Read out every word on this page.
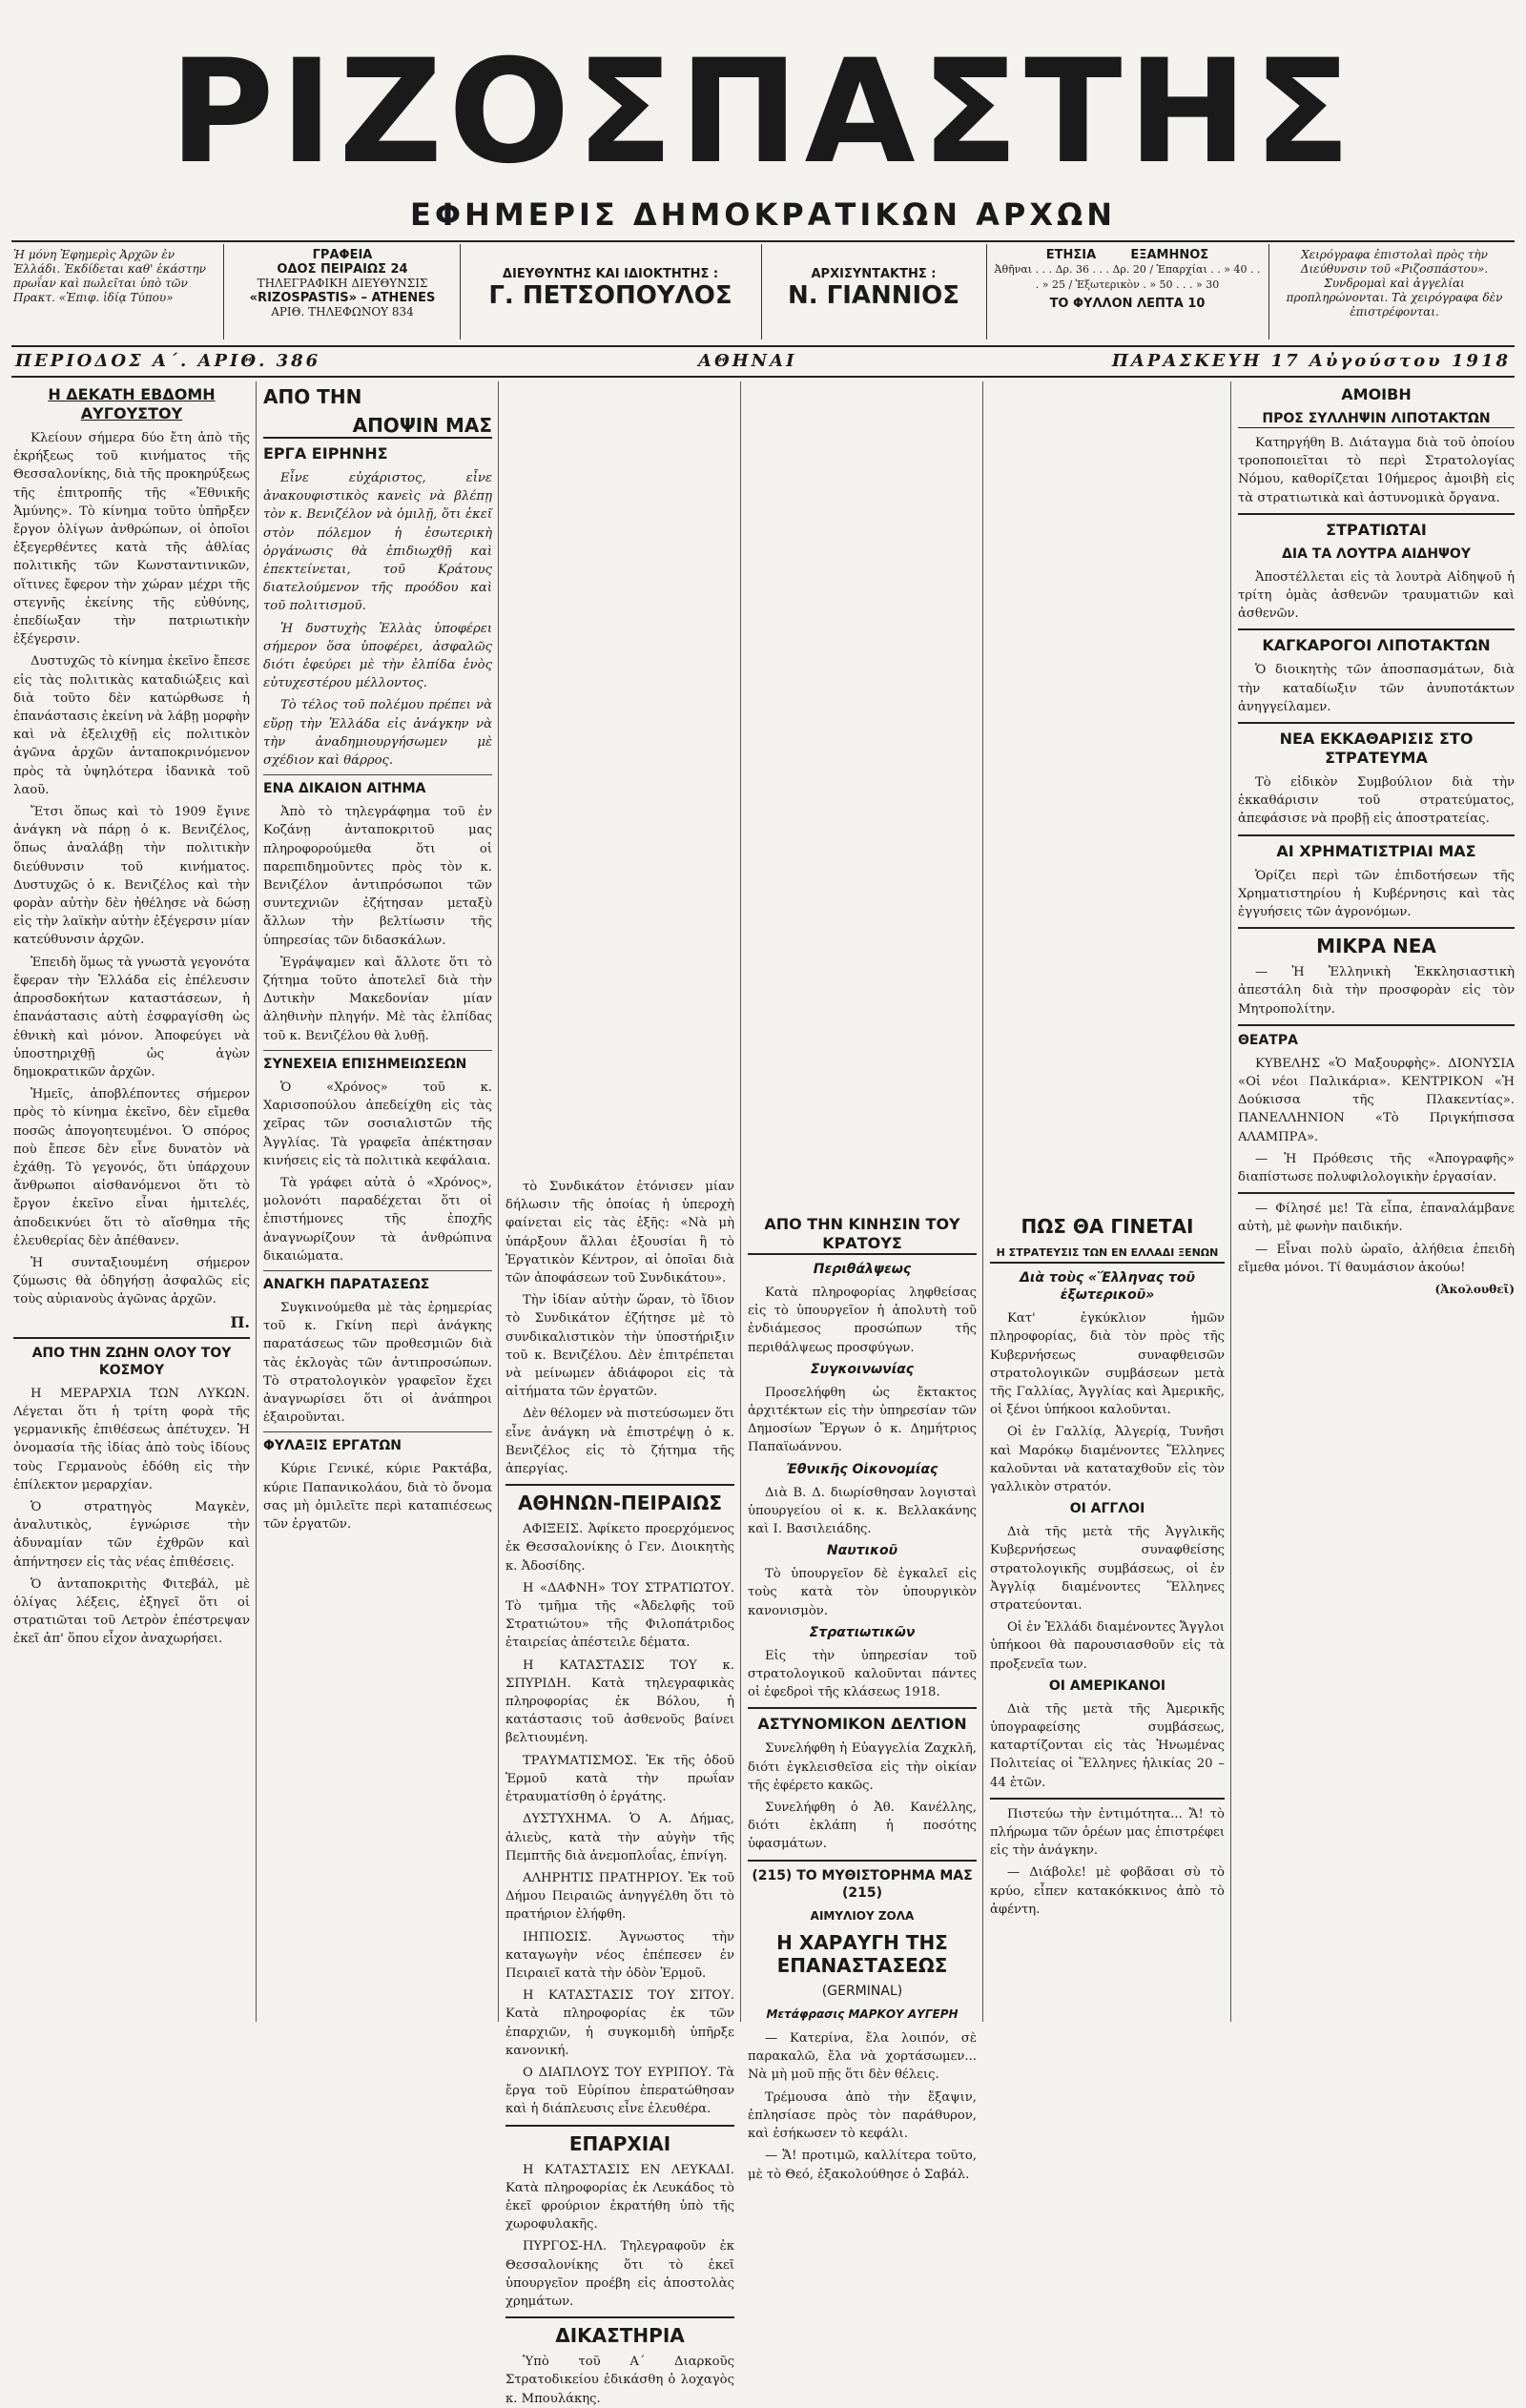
ΡΙΖΟΣΠΑΣΤΗΣ
ΕΦΗΜΕΡΙΣ ΔΗΜΟΚΡΑΤΙΚΩΝ ΑΡΧΩΝ
Ἡ μόνη Ἐφημερὶς Ἀρχῶν ἐν Ἑλλάδι. Ἐκδίδεται καθ' ἑκάστην πρωΐαν καὶ πωλεῖται ὑπὸ τῶν Πρακτ. «Ἐπιφ. ἰδίᾳ Τύπου»
ΓΡΑΦΕΙΑ
ΟΔΟΣ ΠΕΙΡΑΙΩΣ 24
ΤΗΛΕΓΡΑΦΙΚΗ ΔΙΕΥΘΥΝΣΙΣ
«RIZOSPASTIS» – ATHENES
ΑΡΙΘ. ΤΗΛΕΦΩΝΟΥ 834
ΔΙΕΥΘΥΝΤΗΣ ΚΑΙ ΙΔΙΟΚΤΗΤΗΣ :
Γ. ΠΕΤΣΟΠΟΥΛΟΣ
ΑΡΧΙΣΥΝΤΑΚΤΗΣ :
Ν. ΓΙΑΝΝΙΟΣ
ΕΤΗΣΙΑ	ΕΞΑΜΗΝΟΣ
Ἀθῆναι . . . Δρ. 36 . . . Δρ. 20 / Ἐπαρχίαι . . » 40 . . . » 25 / Ἐξωτερικὸν . » 50 . . . » 30
ΤΟ ΦΥΛΛΟΝ ΛΕΠΤΑ 10
Χειρόγραφα ἐπιστολαὶ πρὸς τὴν Διεύθυνσιν τοῦ «Ριζοσπάστου». Συνδρομαὶ καὶ ἀγγελίαι προπληρώνονται. Τὰ χειρόγραφα δὲν ἐπιστρέφονται.
ΠΕΡΙΟΔΟΣ Α΄. ΑΡΙΘ. 386	ΑΘΗΝΑΙ	ΠΑΡΑΣΚΕΥΗ 17 Αὐγούστου 1918
Η ΔΕΚΑΤΗ ΕΒΔΟΜΗ ΑΥΓΟΥΣΤΟΥ

Κλείουν σήμερα δύο ἔτη ἀπὸ τῆς ἐκρήξεως τοῦ κινήματος τῆς Θεσσαλονίκης, διὰ τῆς προκηρύξεως τῆς ἐπιτροπῆς τῆς «Ἐθνικῆς Ἀμύνης». Τὸ κίνημα τοῦτο ὑπῆρξεν ἔργον ὀλίγων ἀνθρώπων, οἱ ὁποῖοι ἐξεγερθέντες κατὰ τῆς ἀθλίας πολιτικῆς τῶν Κωνσταντινικῶν, οἵτινες ἔφερον τὴν χώραν μέχρι τῆς στεγνῆς ἐκείνης τῆς εὐθύνης, ἐπεδίωξαν τὴν πατριωτικὴν ἐξέγερσιν.

Δυστυχῶς τὸ κίνημα ἐκεῖνο ἔπεσε εἰς τὰς πολιτικὰς καταδιώξεις καὶ διὰ τοῦτο δὲν κατώρθωσε ἡ ἐπανάστασις ἐκείνη νὰ λάβῃ μορφὴν καὶ νὰ ἐξελιχθῇ εἰς πολιτικὸν ἀγῶνα ἀρχῶν ἀνταποκρινόμενον πρὸς τὰ ὑψηλότερα ἰδανικὰ τοῦ λαοῦ.

Ἔτσι ὅπως καὶ τὸ 1909 ἔγινε ἀνάγκη νὰ πάρῃ ὁ κ. Βενιζέλος, ὅπως ἀναλάβῃ τὴν πολιτικὴν διεύθυνσιν τοῦ κινήματος. Δυστυχῶς ὁ κ. Βενιζέλος καὶ τὴν φορὰν αὐτὴν δὲν ἠθέλησε νὰ δώσῃ εἰς τὴν λαϊκὴν αὐτὴν ἐξέγερσιν μίαν κατεύθυνσιν ἀρχῶν.

Ἐπειδὴ ὅμως τὰ γνωστὰ γεγονότα ἔφεραν τὴν Ἑλλάδα εἰς ἐπέλευσιν ἀπροσδοκήτων καταστάσεων, ἡ ἐπανάστασις αὐτὴ ἐσφραγίσθη ὡς ἐθνικὴ καὶ μόνον. Ἀποφεύγει νὰ ὑποστηριχθῇ ὡς ἀγὼν δημοκρατικῶν ἀρχῶν.

Ἡμεῖς, ἀποβλέποντες σήμερον πρὸς τὸ κίνημα ἐκεῖνο, δὲν εἴμεθα ποσῶς ἀπογοητευμένοι. Ὁ σπόρος ποὺ ἔπεσε δὲν εἶνε δυνατὸν νὰ ἐχάθῃ. Τὸ γεγονός, ὅτι ὑπάρχουν ἄνθρωποι αἰσθανόμενοι ὅτι τὸ ἔργον ἐκεῖνο εἶναι ἡμιτελές, ἀποδεικνύει ὅτι τὸ αἴσθημα τῆς ἐλευθερίας δὲν ἀπέθανεν.

Ἡ συνταξιουμένη σήμερον ζύμωσις θὰ ὁδηγήσῃ ἀσφαλῶς εἰς τοὺς αὐριανοὺς ἀγῶνας ἀρχῶν.

Π.
ΑΠΟ ΤΗΝ ΖΩΗΝ ΟΛΟΥ ΤΟΥ ΚΟΣΜΟΥ

Η ΜΕΡΑΡΧΙΑ ΤΩΝ ΛΥΚΩΝ. Λέγεται ὅτι ἡ τρίτη φορὰ τῆς γερμανικῆς ἐπιθέσεως ἀπέτυχεν. Ἡ ὀνομασία τῆς ἰδίας ἀπὸ τοὺς ἰδίους τοὺς Γερμανοὺς ἐδόθη εἰς τὴν ἐπίλεκτον μεραρχίαν.

Ὁ στρατηγὸς Μαγκὲν, ἀναλυτικὸς, ἐγνώρισε τὴν ἀδυναμίαν τῶν ἐχθρῶν καὶ ἀπήντησεν εἰς τὰς νέας ἐπιθέσεις.

Ὁ ἀνταποκριτὴς Φιτεβάλ, μὲ ὀλίγας λέξεις, ἐξηγεῖ ὅτι οἱ στρατιῶται τοῦ Λετρὸν ἐπέστρεψαν ἐκεῖ ἀπ' ὅπου εἶχον ἀναχωρήσει.

ΑΠΟ ΤΗΝ
ΑΠΟΨΙΝ ΜΑΣ
ΕΡΓΑ ΕΙΡΗΝΗΣ

Εἶνε εὐχάριστος, εἶνε ἀνακουφιστικὸς κανεὶς νὰ βλέπῃ τὸν κ. Βενιζέλον νὰ ὁμιλῇ, ὅτι ἐκεῖ στὸν πόλεμον ἡ ἐσωτερικὴ ὀργάνωσις θὰ ἐπιδιωχθῇ καὶ ἐπεκτείνεται, τοῦ Κράτους διατελούμενον τῆς προόδου καὶ τοῦ πολιτισμοῦ.

Ἡ δυστυχὴς Ἑλλὰς ὑποφέρει σήμερον ὅσα ὑποφέρει, ἀσφαλῶς διότι ἐφεύρει μὲ τὴν ἐλπίδα ἑνὸς εὐτυχεστέρου μέλλοντος.

Τὸ τέλος τοῦ πολέμου πρέπει νὰ εὕρῃ τὴν Ἑλλάδα εἰς ἀνάγκην νὰ τὴν ἀναδημιουργήσωμεν μὲ σχέδιον καὶ θάρρος.

ΕΝΑ ΔΙΚΑΙΟΝ ΑΙΤΗΜΑ

Ἀπὸ τὸ τηλεγράφημα τοῦ ἐν Κοζάνῃ ἀνταποκριτοῦ μας πληροφορούμεθα ὅτι οἱ παρεπιδημοῦντες πρὸς τὸν κ. Βενιζέλον ἀντιπρόσωποι τῶν συντεχνιῶν ἐζήτησαν μεταξὺ ἄλλων τὴν βελτίωσιν τῆς ὑπηρεσίας τῶν διδασκάλων.

Ἐγράψαμεν καὶ ἄλλοτε ὅτι τὸ ζήτημα τοῦτο ἀποτελεῖ διὰ τὴν Δυτικὴν Μακεδονίαν μίαν ἀληθινὴν πληγήν. Μὲ τὰς ἐλπίδας τοῦ κ. Βενιζέλου θὰ λυθῇ.

ΣΥΝΕΧΕΙΑ ΕΠΙΣΗΜΕΙΩΣΕΩΝ

Ὁ «Χρόνος» τοῦ κ. Χαρισοπούλου ἀπεδείχθη εἰς τὰς χεῖρας τῶν σοσιαλιστῶν τῆς Ἀγγλίας. Τὰ γραφεῖα ἀπέκτησαν κινήσεις εἰς τὰ πολιτικὰ κεφάλαια.

Τὰ γράφει αὐτὰ ὁ «Χρόνος», μολονότι παραδέχεται ὅτι οἱ ἐπιστήμονες τῆς ἐποχῆς ἀναγνωρίζουν τὰ ἀνθρώπινα δικαιώματα.

ΑΝΑΓΚΗ ΠΑΡΑΤΑΣΕΩΣ

Συγκινούμεθα μὲ τὰς ἐρημερίας τοῦ κ. Γκίνη περὶ ἀνάγκης παρατάσεως τῶν προθεσμιῶν διὰ τὰς ἐκλογὰς τῶν ἀντιπροσώπων. Τὸ στρατολογικὸν γραφεῖον ἔχει ἀναγνωρίσει ὅτι οἱ ἀνάπηροι ἐξαιροῦνται.

ΦΥΛΑΞΙΣ ΕΡΓΑΤΩΝ

Κύριε Γενικέ, κύριε Ρακτάβα, κύριε Παπανικολάου, διὰ τὸ ὄνομα σας μὴ ὀμιλεῖτε περὶ καταπιέσεως τῶν ἐργατῶν.

τὸ Συνδικάτον ἐτόνισεν μίαν δήλωσιν τῆς ὁποίας ἡ ὑπεροχὴ φαίνεται εἰς τὰς ἑξῆς: «Νὰ μὴ ὑπάρξουν ἄλλαι ἐξουσίαι ἢ τὸ Ἐργατικὸν Κέντρον, αἱ ὁποῖαι διὰ τῶν ἀποφάσεων τοῦ Συνδικάτου».

Τὴν ἰδίαν αὐτὴν ὥραν, τὸ ἴδιον τὸ Συνδικάτον ἐζήτησε μὲ τὸ συνδικαλιστικὸν τὴν ὑποστήριξιν τοῦ κ. Βενιζέλου. Δὲν ἐπιτρέπεται νὰ μείνωμεν ἀδιάφοροι εἰς τὰ αἰτήματα τῶν ἐργατῶν.

Δὲν θέλομεν νὰ πιστεύσωμεν ὅτι εἶνε ἀνάγκη νὰ ἐπιστρέψῃ ὁ κ. Βενιζέλος εἰς τὸ ζήτημα τῆς ἀπεργίας.

ΑΘΗΝΩΝ-ΠΕΙΡΑΙΩΣ

ΑΦΙΞΕΙΣ. Ἀφίκετο προερχόμενος ἐκ Θεσσαλονίκης ὁ Γεν. Διοικητὴς κ. Ἀδοσίδης.

Η «ΔΑΦΝΗ» ΤΟΥ ΣΤΡΑΤΙΩΤΟΥ. Τὸ τμῆμα τῆς «Ἀδελφῆς τοῦ Στρατιώτου» τῆς Φιλοπάτριδος ἐταιρείας ἀπέστειλε δέματα.

Η ΚΑΤΑΣΤΑΣΙΣ ΤΟΥ κ. ΣΠΥΡΙΔΗ. Κατὰ τηλεγραφικὰς πληροφορίας ἐκ Βόλου, ἡ κατάστασις τοῦ ἀσθενοῦς βαίνει βελτιουμένη.

ΤΡΑΥΜΑΤΙΣΜΟΣ. Ἐκ τῆς ὁδοῦ Ἑρμοῦ κατὰ τὴν πρωΐαν ἐτραυματίσθη ὁ ἐργάτης.

ΔΥΣΤΥΧΗΜΑ. Ὁ Α. Δήμας, ἀλιεὺς, κατὰ τὴν αὐγὴν τῆς Πεμπτῆς διὰ ἀνεμοπλοΐας, ἐπνίγη.

ΑΛΗΡΗΤΙΣ ΠΡΑΤΗΡΙΟΥ. Ἐκ τοῦ Δήμου Πειραιῶς ἀνηγγέλθη ὅτι τὸ πρατήριον ἐλήφθη.

ΙΗΠΙΟΣΙΣ. Ἀγνωστος τὴν καταγωγὴν νέος ἐπέπεσεν ἐν Πειραιεῖ κατὰ τὴν ὁδὸν Ἐρμοῦ.

Η ΚΑΤΑΣΤΑΣΙΣ ΤΟΥ ΣΙΤΟΥ. Κατὰ πληροφορίας ἐκ τῶν ἐπαρχιῶν, ἡ συγκομιδὴ ὑπῆρξε κανονική.

Ο ΔΙΑΠΛΟΥΣ ΤΟΥ ΕΥΡΙΠΟΥ. Τὰ ἔργα τοῦ Εὐρίπου ἐπερατώθησαν καὶ ἡ διάπλευσις εἶνε ἐλευθέρα.

ΕΠΑΡΧΙΑΙ

Η ΚΑΤΑΣΤΑΣΙΣ ΕΝ ΛΕΥΚΑΔΙ. Κατὰ πληροφορίας ἐκ Λευκάδος τὸ ἐκεῖ φρούριον ἐκρατήθη ὑπὸ τῆς χωροφυλακῆς.

ΠΥΡΓΟΣ-ΗΛ. Τηλεγραφοῦν ἐκ Θεσσαλονίκης ὅτι τὸ ἐκεῖ ὑπουργεῖον προέβη εἰς ἀποστολὰς χρημάτων.

ΔΙΚΑΣΤΗΡΙΑ

Ὑπὸ τοῦ Α΄ Διαρκοῦς Στρατοδικείου ἐδικάσθη ὁ λοχαγὸς κ. Μπουλάκης.

ΑΠΟ ΤΗΝ ΚΙΝΗΣΙΝ ΤΟΥ ΚΡΑΤΟΥΣ
Περιθάλψεως

Κατὰ πληροφορίας ληφθείσας εἰς τὸ ὑπουργεῖον ἡ ἀπολυτὴ τοῦ ἐνδιάμεσος προσώπων τῆς περιθάλψεως προσφύγων.

Συγκοινωνίας

Προσελήφθη ὡς ἔκτακτος ἀρχιτέκτων εἰς τὴν ὑπηρεσίαν τῶν Δημοσίων Ἔργων ὁ κ. Δημήτριος Παπαϊωάννου.

Ἐθνικῆς Οἰκονομίας

Διὰ Β. Δ. διωρίσθησαν λογισταὶ ὑπουργείου οἱ κ. κ. Βελλακάνης καὶ Ι. Βασιλειάδης.

Ναυτικοῦ

Τὸ ὑπουργεῖον δὲ ἐγκαλεῖ εἰς τοὺς κατὰ τὸν ὑπουργικὸν κανονισμὸν.

Στρατιωτικῶν

Εἰς τὴν ὑπηρεσίαν τοῦ στρατολογικοῦ καλοῦνται πάντες οἱ ἐφεδροὶ τῆς κλάσεως 1918.

ΑΣΤΥΝΟΜΙΚΟΝ ΔΕΛΤΙΟΝ

Συνελήφθη ἡ Εὐαγγελία Ζαχκλῆ, διότι ἐγκλεισθεῖσα εἰς τὴν οἰκίαν τῆς ἐφέρετο κακῶς.

Συνελήφθη ὁ Ἀθ. Κανέλλης, διότι ἐκλάπη ἡ ποσότης ὑφασμάτων.

(215) ΤΟ ΜΥΘΙΣΤΟΡΗΜΑ ΜΑΣ (215)
ΑΙΜΥΛΙΟΥ ΖΟΛΑ
Η ΧΑΡΑΥΓΗ ΤΗΣ ΕΠΑΝΑΣΤΑΣΕΩΣ
(GERMINAL)
Μετάφρασις ΜΑΡΚΟΥ ΑΥΓΕΡΗ

— Κατερίνα, ἔλα λοιπόν, σὲ παρακαλῶ, ἔλα νὰ χορτάσωμεν... Νὰ μὴ μοῦ πῇς ὅτι δὲν θέλεις.

Τρέμουσα ἀπὸ τὴν ἔξαψιν, ἐπλησίασε πρὸς τὸν παράθυρον, καὶ ἐσήκωσεν τὸ κεφάλι.

— Ἄ! προτιμῶ, καλλίτερα τοῦτο, μὲ τὸ Θεό, ἐξακολούθησε ὁ Σαβάλ.

ΠΩΣ ΘΑ ΓΙΝΕΤΑΙ
Η ΣΤΡΑΤΕΥΣΙΣ ΤΩΝ ΕΝ ΕΛΛΑΔΙ ΞΕΝΩΝ
Διὰ τοὺς «Ἕλληνας τοῦ ἐξωτερικοῦ»

Κατ' ἐγκύκλιον ἡμῶν πληροφορίας, διὰ τὸν πρὸς τῆς Κυβερνήσεως συναφθεισῶν στρατολογικῶν συμβάσεων μετὰ τῆς Γαλλίας, Ἀγγλίας καὶ Ἀμερικῆς, οἱ ξένοι ὑπήκοοι καλοῦνται.

Οἱ ἐν Γαλλίᾳ, Ἀλγερίᾳ, Τυνῆσι καὶ Μαρόκῳ διαμένοντες Ἕλληνες καλοῦνται νὰ καταταχθοῦν εἰς τὸν γαλλικὸν στρατόν.

ΟΙ ΑΓΓΛΟΙ

Διὰ τῆς μετὰ τῆς Ἀγγλικῆς Κυβερνήσεως συναφθείσης στρατολογικῆς συμβάσεως, οἱ ἐν Ἀγγλίᾳ διαμένοντες Ἕλληνες στρατεύονται.

Οἱ ἐν Ἑλλάδι διαμένοντες Ἄγγλοι ὑπήκοοι θὰ παρουσιασθοῦν εἰς τὰ προξενεῖα των.

ΟΙ ΑΜΕΡΙΚΑΝΟΙ

Διὰ τῆς μετὰ τῆς Ἀμερικῆς ὑπογραφείσης συμβάσεως, καταρτίζονται εἰς τὰς Ἡνωμένας Πολιτείας οἱ Ἕλληνες ἡλικίας 20 – 44 ἐτῶν.

Πιστεύω τὴν ἐντιμότητα... Ἄ! τὸ πλήρωμα τῶν ὀρέων μας ἐπιστρέφει εἰς τὴν ἀνάγκην.

— Διάβολε! μὲ φοβᾶσαι σὺ τὸ κρύο, εἶπεν κατακόκκινος ἀπὸ τὸ ἀφέντη.

ΑΜΟΙΒΗ
ΠΡΟΣ ΣΥΛΛΗΨΙΝ ΛΙΠΟΤΑΚΤΩΝ

Κατηργήθη Β. Διάταγμα διὰ τοῦ ὁποίου τροποποιεῖται τὸ περὶ Στρατολογίας Νόμου, καθορίζεται 10ήμερος ἀμοιβὴ εἰς τὰ στρατιωτικὰ καὶ ἀστυνομικὰ ὄργανα.

ΣΤΡΑΤΙΩΤΑΙ
ΔΙΑ ΤΑ ΛΟΥΤΡΑ ΑΙΔΗΨΟΥ

Ἀποστέλλεται εἰς τὰ λουτρὰ Αἰδηψοῦ ἡ τρίτη ὁμὰς ἀσθενῶν τραυματιῶν καὶ ἀσθενῶν.

ΚΑΓΚΑΡΟΓΟΙ ΛΙΠΟΤΑΚΤΩΝ

Ὁ διοικητὴς τῶν ἀποσπασμάτων, διὰ τὴν καταδίωξιν τῶν ἀνυποτάκτων ἀνηγγείλαμεν.

ΝΕΑ ΕΚΚΑΘΑΡΙΣΙΣ ΣΤΟ ΣΤΡΑΤΕΥΜΑ

Τὸ εἰδικὸν Συμβούλιον διὰ τὴν ἐκκαθάρισιν τοῦ στρατεύματος, ἀπεφάσισε νὰ προβῇ εἰς ἀποστρατείας.

ΑΙ ΧΡΗΜΑΤΙΣΤΡΙΑΙ ΜΑΣ

Ὁρίζει περὶ τῶν ἐπιδοτήσεων τῆς Χρηματιστηρίου ἡ Κυβέρνησις καὶ τὰς ἐγγυήσεις τῶν ἀγρονόμων.

ΜΙΚΡΑ ΝΕΑ

— Ἡ Ἑλληνικὴ Ἐκκλησιαστικὴ ἀπεστάλη διὰ τὴν προσφορὰν εἰς τὸν Μητροπολίτην.

ΘΕΑΤΡΑ

ΚΥΒΕΛΗΣ «Ὁ Μαξουρφὴς». ΔΙΟΝΥΣΙΑ «Οἱ νέοι Παλικάρια». ΚΕΝΤΡΙΚΟΝ «Ἡ Δούκισσα τῆς Πλακεντίας». ΠΑΝΕΛΛΗΝΙΟΝ «Τὸ Πριγκήπισσα ΑΛΑΜΠΡΑ».

— Ἡ Πρόθεσις τῆς «Ἀπογραφῆς» διαπίστωσε πολυφιλολογικὴν ἐργασίαν.

— Φίλησέ με! Τὰ εἶπα, ἐπαναλάμβανε αὐτὴ, μὲ φωνὴν παιδικήν.

— Εἶναι πολὺ ὡραῖο, ἀλήθεια ἐπειδὴ εἴμεθα μόνοι. Τί θαυμάσιον ἀκούω!

(Ἀκολουθεῖ)
